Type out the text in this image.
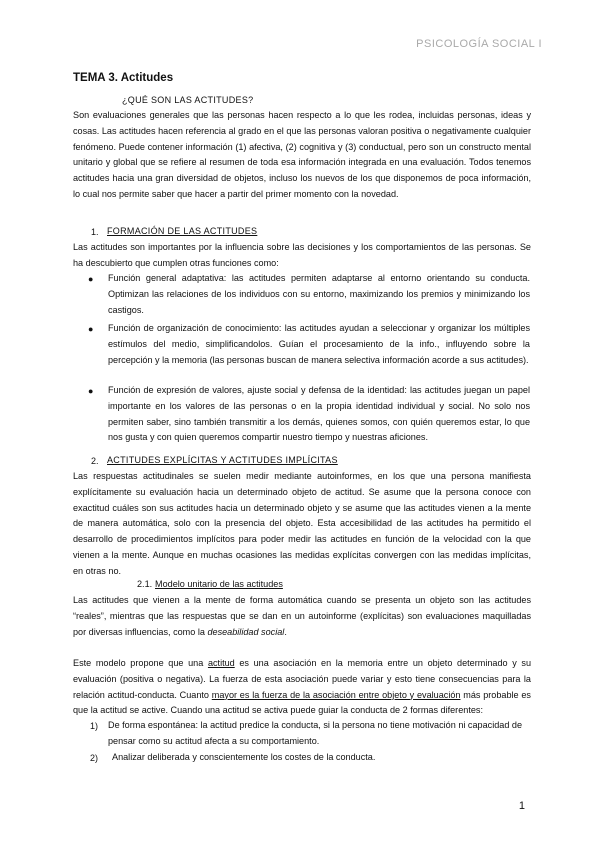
PSICOLOGÍA SOCIAL I
TEMA 3. Actitudes
¿QUÉ SON LAS ACTITUDES?
Son evaluaciones generales que las personas hacen respecto a lo que les rodea, incluidas personas, ideas y cosas. Las actitudes hacen referencia al grado en el que las personas valoran positiva o negativamente cualquier fenómeno. Puede contener información (1) afectiva, (2) cognitiva y (3) conductual, pero son un constructo mental unitario y global que se refiere al resumen de toda esa información integrada en una evaluación. Todos tenemos actitudes hacia una gran diversidad de objetos, incluso los nuevos de los que disponemos de poca información, lo cual nos permite saber que hacer a partir del primer momento con la novedad.
1. FORMACIÓN DE LAS ACTITUDES
Las actitudes son importantes por la influencia sobre las decisiones y los comportamientos de las personas. Se ha descubierto que cumplen otras funciones como:
● Función general adaptativa: las actitudes permiten adaptarse al entorno orientando su conducta. Optimizan las relaciones de los individuos con su entorno, maximizando los premios y minimizando los castigos.
● Función de organización de conocimiento: las actitudes ayudan a seleccionar y organizar los múltiples estímulos del medio, simplificandolos. Guían el procesamiento de la info., influyendo sobre la percepción y la memoria (las personas buscan de manera selectiva información acorde a sus actitudes).
● Función de expresión de valores, ajuste social y defensa de la identidad: las actitudes juegan un papel importante en los valores de las personas o en la propia identidad individual y social. No solo nos permiten saber, sino también transmitir a los demás, quienes somos, con quién queremos estar, lo que nos gusta y con quien queremos compartir nuestro tiempo y nuestras aficiones.
2. ACTITUDES EXPLÍCITAS Y ACTITUDES IMPLÍCITAS
Las respuestas actitudinales se suelen medir mediante autoinformes, en los que una persona manifiesta explícitamente su evaluación hacia un determinado objeto de actitud. Se asume que la persona conoce con exactitud cuáles son sus actitudes hacia un determinado objeto y se asume que las actitudes vienen a la mente de manera automática, solo con la presencia del objeto. Esta accesibilidad de las actitudes ha permitido el desarrollo de procedimientos implícitos para poder medir las actitudes en función de la velocidad con la que vienen a la mente. Aunque en muchas ocasiones las medidas explícitas convergen con las medidas implícitas, en otras no.
2.1. Modelo unitario de las actitudes
Las actitudes que vienen a la mente de forma automática cuando se presenta un objeto son las actitudes “reales”, mientras que las respuestas que se dan en un autoinforme (explícitas) son evaluaciones maquilladas por diversas influencias, como la deseabilidad social.
Este modelo propone que una actitud es una asociación en la memoria entre un objeto determinado y su evaluación (positiva o negativa). La fuerza de esta asociación puede variar y esto tiene consecuencias para la relación actitud-conducta. Cuanto mayor es la fuerza de la asociación entre objeto y evaluación más probable es que la actitud se active. Cuando una actitud se activa puede guiar la conducta de 2 formas diferentes:
1) De forma espontánea: la actitud predice la conducta, si la persona no tiene motivación ni capacidad de pensar como su actitud afecta a su comportamiento.
2) Analizar deliberada y conscientemente los costes de la conducta.
1
